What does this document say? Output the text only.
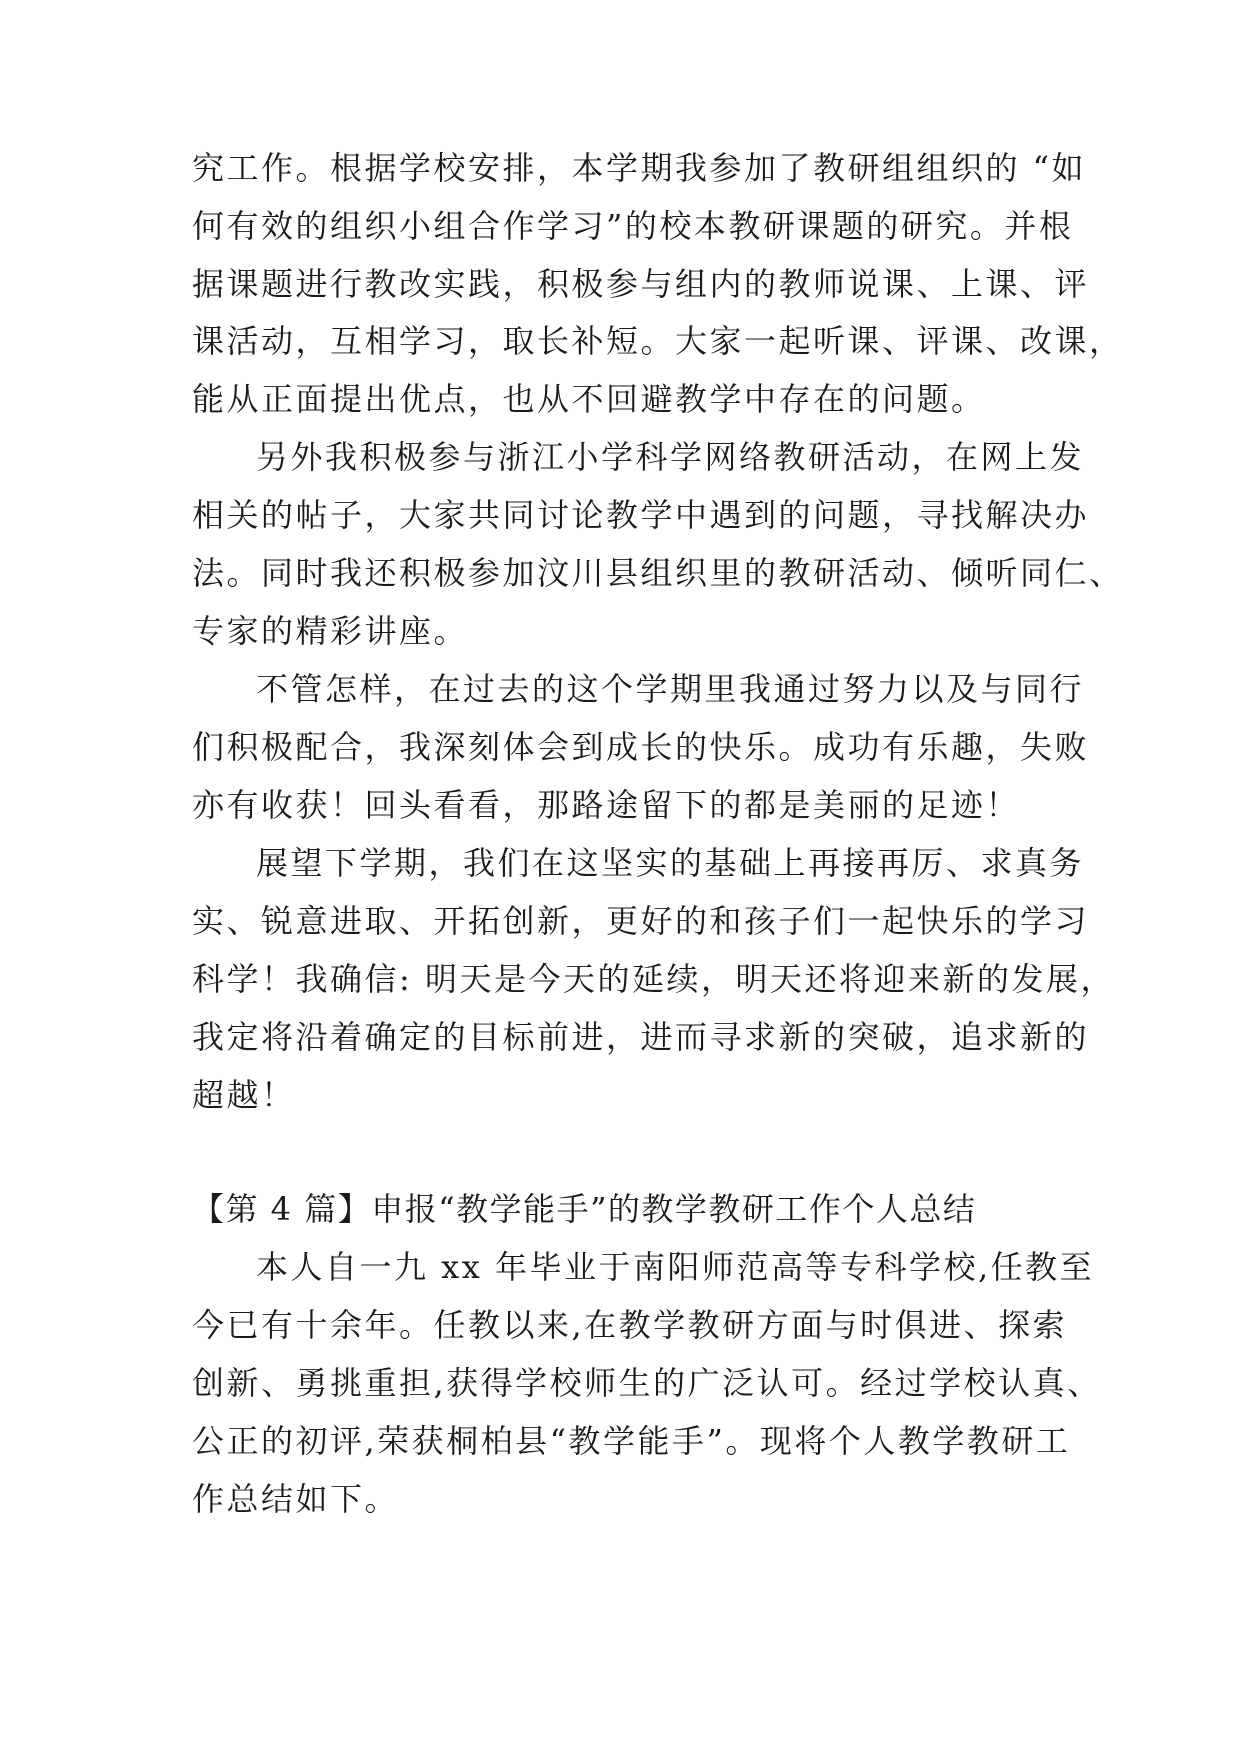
究工作。根据学校安排，本学期我参加了教研组组织的 “如
何有效的组织小组合作学习”的校本教研课题的研究。并根
据课题进行教改实践，积极参与组内的教师说课、上课、评
课活动，互相学习，取长补短。大家一起听课、评课、改课，
能从正面提出优点，也从不回避教学中存在的问题。
另外我积极参与浙江小学科学网络教研活动，在网上发
相关的帖子，大家共同讨论教学中遇到的问题，寻找解决办
法。同时我还积极参加汶川县组织里的教研活动、倾听同仁、
专家的精彩讲座。
不管怎样，在过去的这个学期里我通过努力以及与同行
们积极配合，我深刻体会到成长的快乐。成功有乐趣，失败
亦有收获！回头看看，那路途留下的都是美丽的足迹！
展望下学期，我们在这坚实的基础上再接再厉、求真务
实、锐意进取、开拓创新，更好的和孩子们一起快乐的学习
科学！我确信: 明天是今天的延续，明天还将迎来新的发展，
我定将沿着确定的目标前进，进而寻求新的突破，追求新的
超越！
【第 4 篇】申报“教学能手”的教学教研工作个人总结
本人自一九 xx 年毕业于南阳师范高等专科学校,任教至
今已有十余年。任教以来,在教学教研方面与时俱进、探索
创新、勇挑重担,获得学校师生的广泛认可。经过学校认真、
公正的初评,荣获桐柏县“教学能手”。现将个人教学教研工
作总结如下。
